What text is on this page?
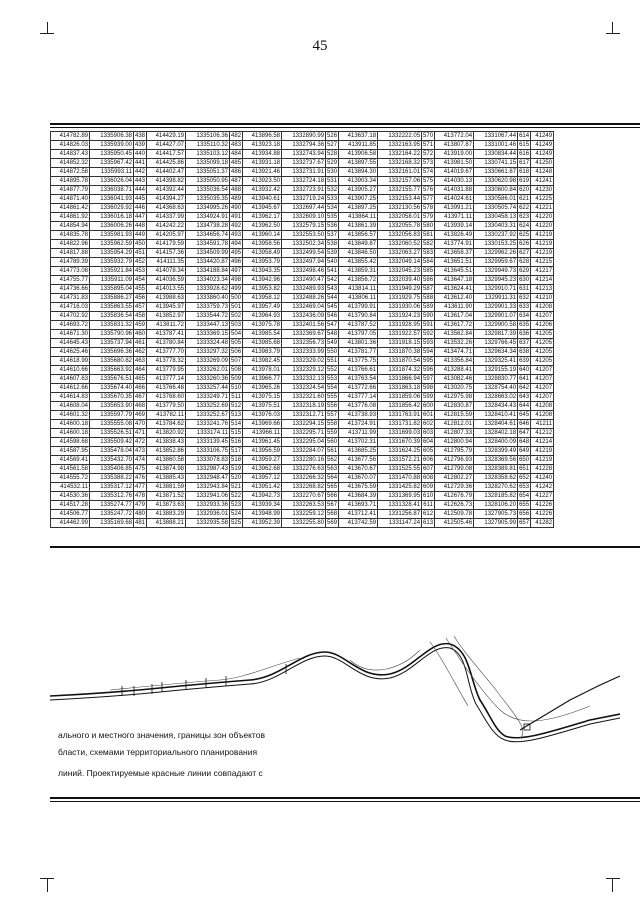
45
414782.89	1335906.38	438	414429.19	1335106.36	482	413896.58	1332890.99	526	413637.18	1332222.05	570	413772.04	1331067.44	614	41249
414826.03	1335939.00	439	414427.07	1335110.32	483	413923.18	1332794.36	527	413911.85	1332163.95	571	413807.87	1331001.46	615	41249
414837.43	1335950.45	440	414417.57	1335103.12	484	413934.88	1332743.94	528	413906.58	1332164.22	572	413919.00	1330834.44	616	41249
414852.32	1335967.42	441	414425.86	1335099.18	485	413931.18	1332737.67	529	413897.55	1332168.32	573	413981.50	1330741.15	617	41250
414872.58	1335993.11	442	414402.47	1335051.37	486	413921.46	1332731.91	530	413894.30	1332161.01	574	414019.67	1330661.87	618	41248
414895.78	1336026.04	443	414398.82	1335050.95	487	413923.50	1332724.18	531	413903.34	1332157.06	575	414030.13	1330620.98	619	41241
414877.79	1336038.71	444	414392.44	1335036.54	488	413932.42	1332723.91	532	413905.27	1332155.77	576	414031.88	1330600.84	620	41230
414871.40	1336041.93	445	414394.27	1335035.35	489	413940.61	1332719.24	533	413907.25	1332153.44	577	414024.61	1330586.01	621	41225
414861.42	1336029.92	446	414368.63	1334995.26	490	413945.67	1332697.44	534	413897.25	1332130.56	578	413991.21	1330505.74	622	41221
414861.92	1336016.18	447	414337.99	1334924.91	491	413962.17	1332609.10	535	413864.11	1332058.01	579	413971.11	1330458.13	623	41220
414854.94	1336006.26	448	414242.22	1334738.28	492	413962.50	1332579.15	536	413861.39	1332055.78	580	413939.14	1330403.31	624	41220
414835.78	1335981.93	449	414205.97	1334656.74	493	413960.14	1332553.50	537	413856.57	1332056.83	581	413826.49	1330237.92	625	41219
414822.96	1335962.59	450	414179.59	1334591.78	494	413958.56	1332502.34	538	413849.87	1332060.52	582	413774.91	1330153.25	626	41219
414817.88	1335954.29	451	414157.36	1334509.99	495	413958.49	1332499.54	539	413846.50	1332063.27	583	413658.37	1329962.26	627	41219
414789.39	1335932.79	452	414111.35	1334420.87	496	413953.79	1332497.94	540	413855.42	1332049.14	584	413651.51	1329959.67	628	41215
414773.08	1335921.84	453	414078.34	1334188.84	497	413943.35	1332498.46	541	413859.31	1332045.23	585	413645.51	1329949.73	629	41217
414755.77	1335911.09	454	414036.59	1334023.34	498	413942.96	1332490.47	542	413856.72	1332039.40	586	413647.18	1329945.23	630	41214
414736.66	1335895.04	455	414013.55	1333928.62	499	413953.82	1332489.93	543	413814.11	1331949.29	587	413624.41	1329910.71	631	41213
414731.83	1335886.27	456	413988.63	1333860.40	500	413958.12	1332488.26	544	413806.11	1331929.75	588	413612.40	1329911.31	632	41210
414716.03	1335863.55	457	413945.97	1333759.73	501	413957.49	1332469.04	545	413799.91	1331930.06	589	413611.90	1329901.33	633	41208
414702.92	1335836.54	458	413852.97	1333544.72	502	413964.93	1332436.09	546	413790.84	1331924.23	590	413617.04	1329901.07	634	41207
414693.72	1335831.32	459	413811.72	1333447.13	503	413975.78	1332401.56	547	413787.52	1331928.95	591	413617.72	1329900.58	635	41206
414671.30	1335790.96	460	413787.41	1333369.15	504	413985.54	1332369.67	548	413797.05	1331922.57	592	413562.84	1329817.39	636	41205
414645.43	1335737.94	461	413780.84	1333324.48	505	413985.68	1332356.73	549	413801.36	1331918.15	593	413532.26	1329766.45	637	41205
414625.46	1335696.36	462	413777.70	1333297.32	506	413983.79	1332333.99	550	413781.77	1331870.38	594	413474.71	1329634.34	638	41205
414618.99	1335680.82	463	413778.32	1333269.09	507	413982.45	1332329.02	551	413775.75	1331870.54	595	413356.84	1329325.41	639	41205
414610.66	1335663.92	464	413779.95	1333262.01	508	413978.01	1332329.12	552	413766.61	1331874.32	596	413288.41	1329155.19	640	41207
414607.63	1335676.51	465	413777.14	1333260.36	509	413966.77	1332332.13	553	413763.54	1331866.94	597	413082.46	1328830.77	641	41207
414612.66	1335674.40	466	413766.48	1333257.44	510	413965.26	1332324.54	554	413772.66	1331863.18	598	413020.75	1328754.40	642	41207
414614.83	1335670.35	467	413768.60	1333249.71	511	413975.15	1332321.60	555	413777.14	1331859.06	599	412975.98	1328663.02	643	41207
414608.04	1335653.90	468	413779.50	1333252.69	512	413975.51	1332318.19	556	413776.08	1331856.42	600	412830.87	1328434.43	644	41208
414601.32	1335597.79	469	413782.11	1333252.67	513	413976.03	1332312.71	557	413738.93	1331763.91	601	412815.59	1328410.41	645	41208
414600.18	1335555.08	470	413784.62	1333241.76	514	413969.66	1332294.15	558	413724.91	1331731.82	602	412812.01	1328404.61	646	41211
414600.18	1335526.51	471	413820.92	1333174.11	515	413966.11	1332295.71	559	413711.99	1331699.03	603	412807.33	1328402.18	647	41212
414598.68	1335509.42	472	413838.43	1333139.45	516	413961.45	1332295.04	560	413702.31	1331670.39	604	412800.94	1328400.09	648	41214
414587.95	1335478.04	473	413852.86	1333106.75	517	413956.59	1332284.07	561	413685.25	1331624.25	605	412795.79	1328399.49	649	41219
414569.41	1335432.70	474	413860.58	1333078.83	518	413959.27	1332280.16	562	413677.56	1331572.21	606	412796.93	1328369.56	650	41219
414561.58	1335406.85	475	413874.98	1332987.43	519	413962.68	1332276.63	563	413670.67	1331525.55	607	412799.08	1328389.81	651	41228
414555.72	1335388.22	476	413885.43	1332948.47	520	413957.12	1332266.32	564	413670.07	1331470.88	608	412802.27	1328358.62	652	41240
414532.11	1335317.12	477	413881.59	1332943.84	521	413951.42	1332268.82	565	413675.59	1331425.82	609	412729.36	1328270.62	653	41242
414530.36	1335312.76	478	413871.52	1332941.06	522	413942.73	1332270.67	566	413684.39	1331369.95	610	412676.79	1328185.82	654	41227
414517.28	1335274.77	479	413873.63	1332933.36	523	413939.34	1332263.53	567	413693.71	1331328.41	611	412626.73	1328106.20	655	41226
414506.77	1335247.72	480	413883.29	1332936.01	524	413948.99	1332259.12	568	413712.41	1331256.87	612	412509.78	1327905.73	656	41226
414462.99	1335169.68	481	413888.21	1332935.58	525	413952.39	1332255.80	569	413742.59	1331147.24	613	412505.46	1327905.99	657	41282
ального и местного значения, границы зон объектов
бласти, схемами территориального планирования
линий. Проектируемые красные линии совпадают с
